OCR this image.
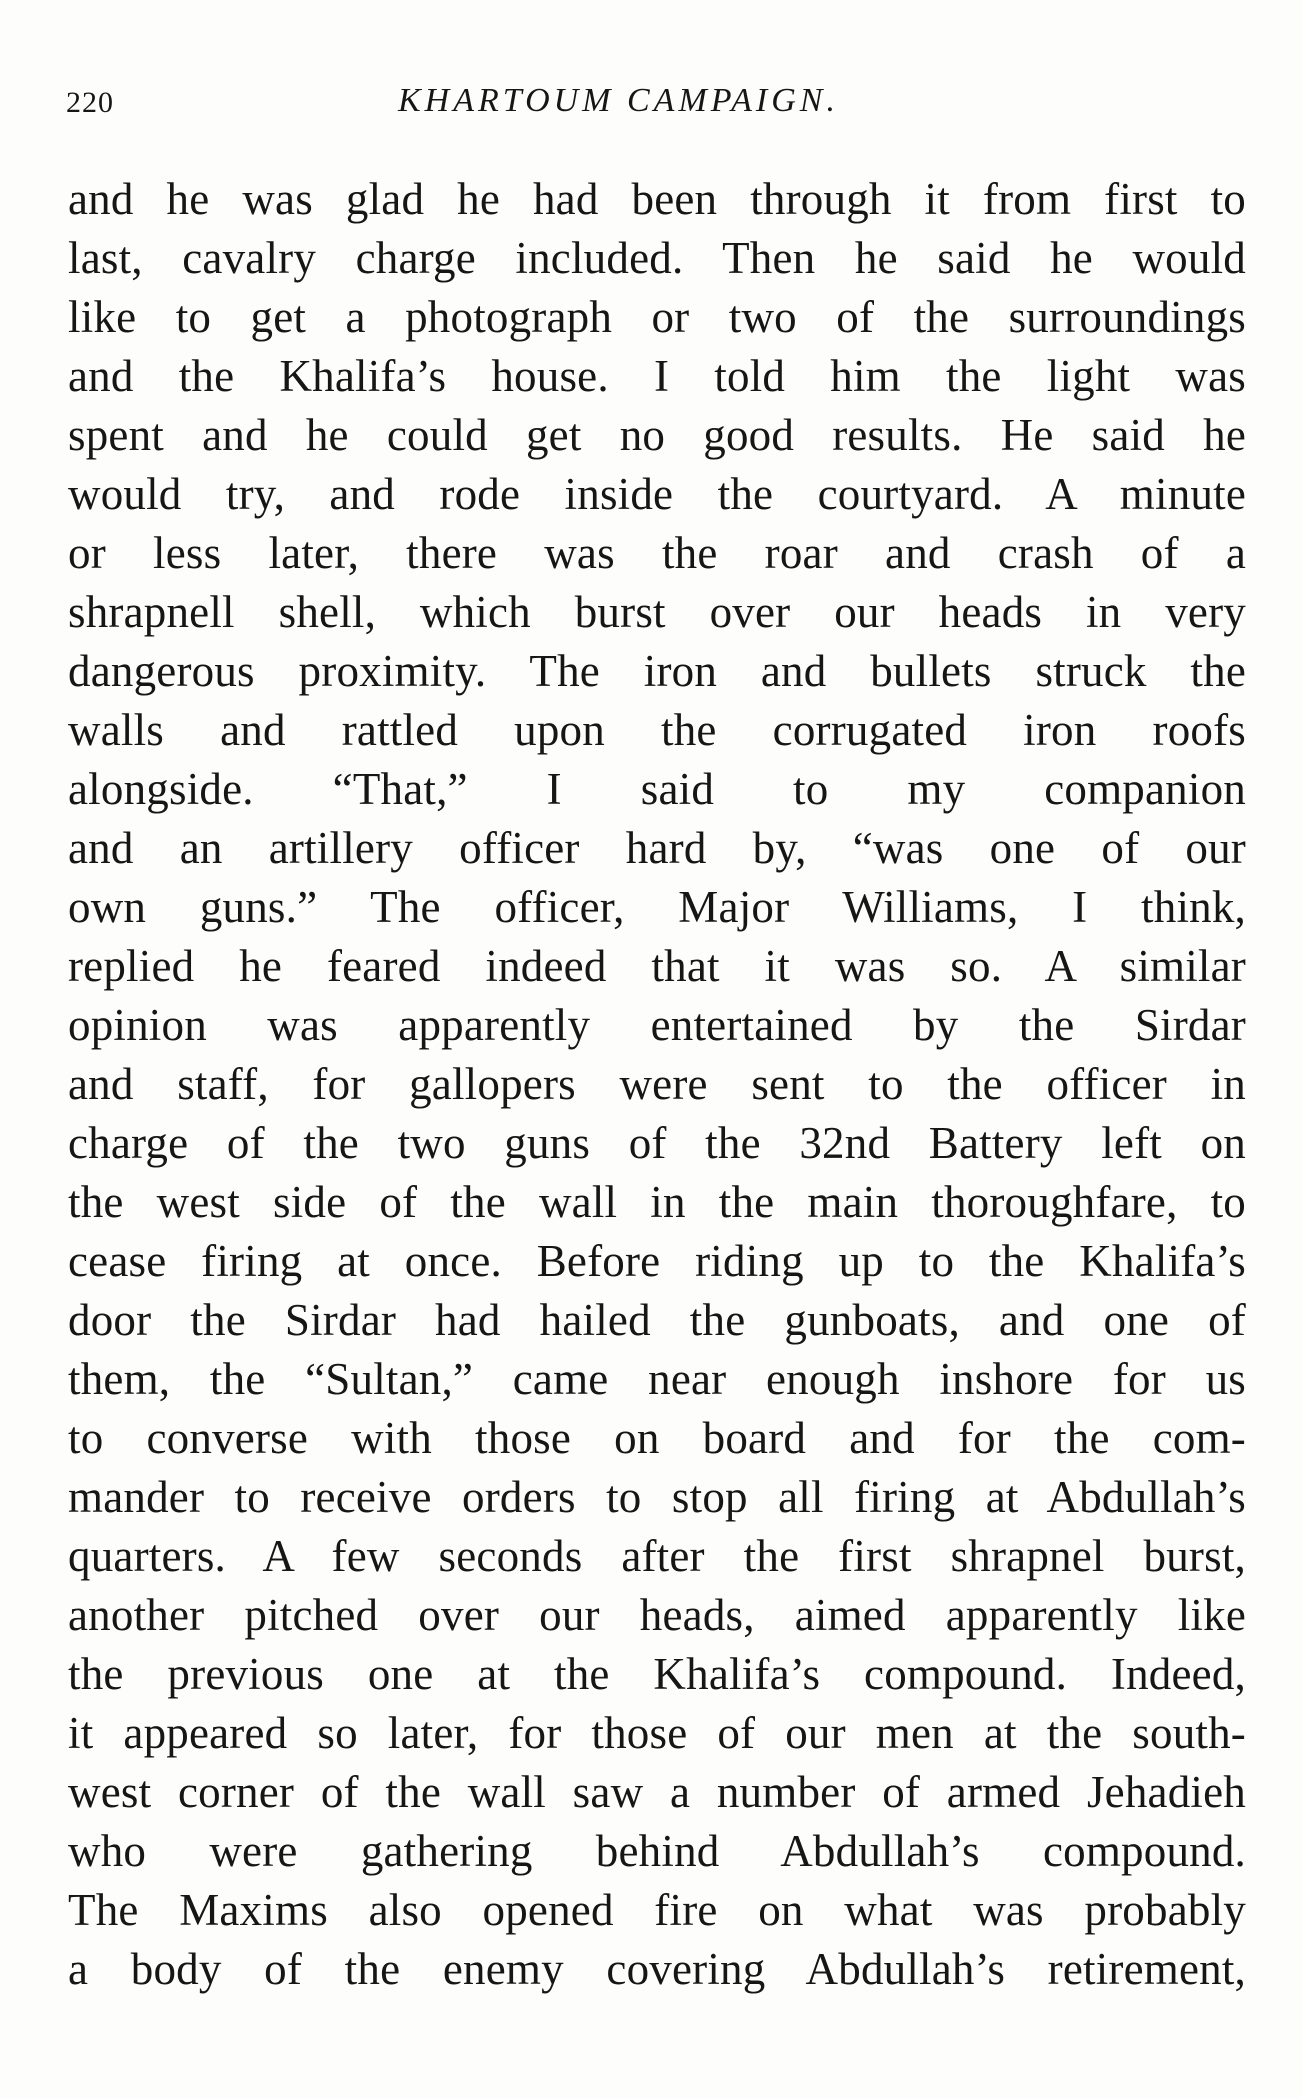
220	KHARTOUM CAMPAIGN.
and he was glad he had been through it from first to
last, cavalry charge included. Then he said he would
like to get a photograph or two of the surroundings
and the Khalifa’s house. I told him the light was
spent and he could get no good results. He said he
would try, and rode inside the courtyard. A minute
or less later, there was the roar and crash of a
shrapnell shell, which burst over our heads in very
dangerous proximity. The iron and bullets struck the
walls and rattled upon the corrugated iron roofs
alongside. “That,” I said to my companion
and an artillery officer hard by, “was one of our
own guns.” The officer, Major Williams, I think,
replied he feared indeed that it was so. A similar
opinion was apparently entertained by the Sirdar
and staff, for gallopers were sent to the officer in
charge of the two guns of the 32nd Battery left on
the west side of the wall in the main thoroughfare, to
cease firing at once. Before riding up to the Khalifa’s
door the Sirdar had hailed the gunboats, and one of
them, the “Sultan,” came near enough inshore for us
to converse with those on board and for the com-
mander to receive orders to stop all firing at Abdullah’s
quarters. A few seconds after the first shrapnel burst,
another pitched over our heads, aimed apparently like
the previous one at the Khalifa’s compound. Indeed,
it appeared so later, for those of our men at the south-
west corner of the wall saw a number of armed Jehadieh
who were gathering behind Abdullah’s compound.
The Maxims also opened fire on what was probably
a body of the enemy covering Abdullah’s retirement,
